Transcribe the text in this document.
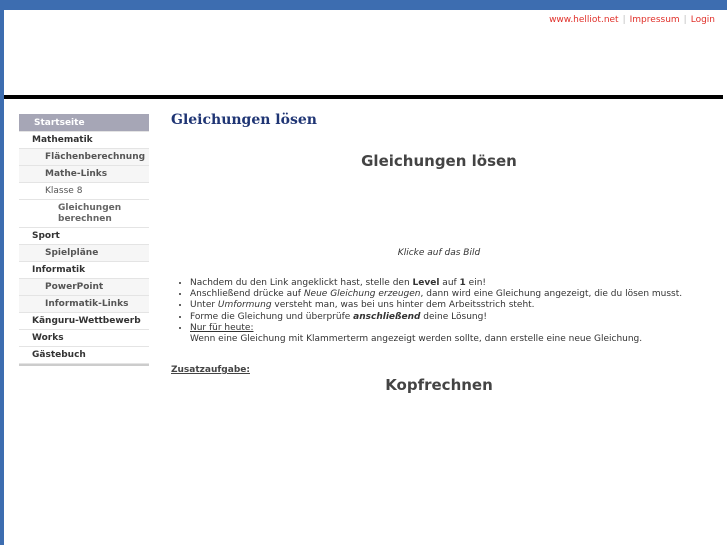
www.helliot.net | Impressum | Login
Startseite
Mathematik
Flächenberechnung
Mathe-Links
Klasse 8
Gleichungen berechnen
Sport
Spielpläne
Informatik
PowerPoint
Informatik-Links
Känguru-Wettbewerb
Works
Gästebuch
Gleichungen lösen
Gleichungen lösen
Klicke auf das Bild
• Nachdem du den Link angeklickt hast, stelle den Level auf 1 ein!
• Anschließend drücke auf Neue Gleichung erzeugen, dann wird eine Gleichung angezeigt, die du lösen musst.
• Unter Umformung versteht man, was bei uns hinter dem Arbeitsstrich steht.
• Forme die Gleichung und überprüfe anschließend deine Lösung!
• Nur für heute:
Wenn eine Gleichung mit Klammerterm angezeigt werden sollte, dann erstelle eine neue Gleichung.
Zusatzaufgabe:
Kopfrechnen
